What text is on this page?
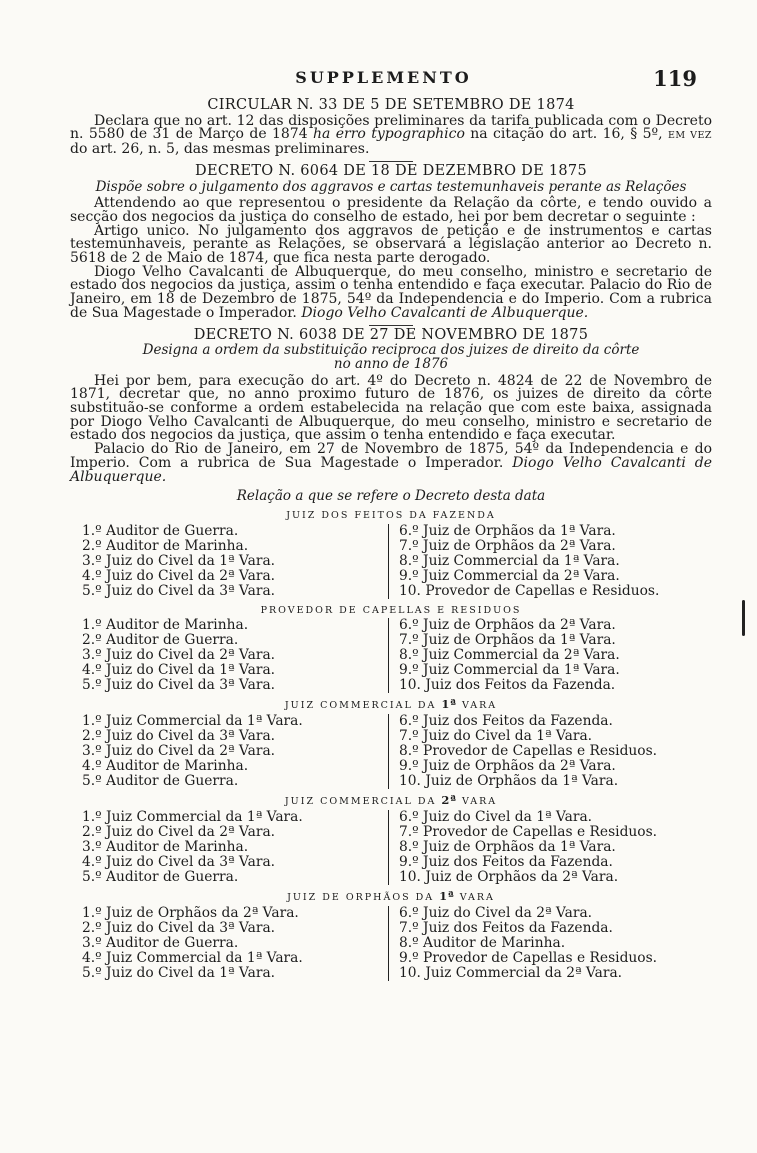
SUPPLEMENTO	119
CIRCULAR N. 33 DE 5 DE SETEMBRO DE 1874

Declara que no art. 12 das disposições preliminares da tarifa publicada com o Decreto n. 5580 de 31 de Março de 1874 ha erro typographico na citação do art. 16, § 5º, EM VEZ do art. 26, n. 5, das mesmas preliminares.

DECRETO N. 6064 DE 18 DE DEZEMBRO DE 1875
Dispõe sobre o julgamento dos aggravos e cartas testemunhaveis perante as Relações

Attendendo ao que representou o presidente da Relação da côrte, e tendo ouvido a secção dos negocios da justiça do conselho de estado, hei por bem decretar o seguinte :

Artigo unico. No julgamento dos aggravos de petição e de instrumentos e cartas testemunhaveis, perante as Relações, se observará a legislação anterior ao Decreto n. 5618 de 2 de Maio de 1874, que fica nesta parte derogado.

Diogo Velho Cavalcanti de Albuquerque, do meu conselho, ministro e secretario de estado dos negocios da justiça, assim o tenha entendido e faça executar. Palacio do Rio de Janeiro, em 18 de Dezembro de 1875, 54º da Independencia e do Imperio. Com a rubrica de Sua Magestade o Imperador. Diogo Velho Cavalcanti de Albuquerque.

DECRETO N. 6038 DE 27 DE NOVEMBRO DE 1875
Designa a ordem da substituição reciproca dos juizes de direito da côrte
no anno de 1876

Hei por bem, para execução do art. 4º do Decreto n. 4824 de 22 de Novembro de 1871, decretar que, no anno proximo futuro de 1876, os juizes de direito da côrte substituão-se conforme a ordem estabelecida na relação que com este baixa, assignada por Diogo Velho Cavalcanti de Albuquerque, do meu conselho, ministro e secretario de estado dos negocios da justiça, que assim o tenha entendido e faça executar.

Palacio do Rio de Janeiro, em 27 de Novembro de 1875, 54º da Independencia e do Imperio. Com a rubrica de Sua Magestade o Imperador. Diogo Velho Cavalcanti de Albuquerque.

Relação a que se refere o Decreto desta data
JUIZ DOS FEITOS DA FAZENDA
1.º Auditor de Guerra.
2.º Auditor de Marinha.
3.º Juiz do Civel da 1ª Vara.
4.º Juiz do Civel da 2ª Vara.
5.º Juiz do Civel da 3ª Vara.
6.º Juiz de Orphãos da 1ª Vara.
7.º Juiz de Orphãos da 2ª Vara.
8.º Juiz Commercial da 1ª Vara.
9.º Juiz Commercial da 2ª Vara.
10. Provedor de Capellas e Residuos.
PROVEDOR DE CAPELLAS E RESIDUOS
1.º Auditor de Marinha.
2.º Auditor de Guerra.
3.º Juiz do Civel da 2ª Vara.
4.º Juiz do Civel da 1ª Vara.
5.º Juiz do Civel da 3ª Vara.
6.º Juiz de Orphãos da 2ª Vara.
7.º Juiz de Orphãos da 1ª Vara.
8.º Juiz Commercial da 2ª Vara.
9.º Juiz Commercial da 1ª Vara.
10. Juiz dos Feitos da Fazenda.
JUIZ COMMERCIAL DA 1ª VARA
1.º Juiz Commercial da 1ª Vara.
2.º Juiz do Civel da 3ª Vara.
3.º Juiz do Civel da 2ª Vara.
4.º Auditor de Marinha.
5.º Auditor de Guerra.
6.º Juiz dos Feitos da Fazenda.
7.º Juiz do Civel da 1ª Vara.
8.º Provedor de Capellas e Residuos.
9.º Juiz de Orphãos da 2ª Vara.
10. Juiz de Orphãos da 1ª Vara.
JUIZ COMMERCIAL DA 2ª VARA
1.º Juiz Commercial da 1ª Vara.
2.º Juiz do Civel da 2ª Vara.
3.º Auditor de Marinha.
4.º Juiz do Civel da 3ª Vara.
5.º Auditor de Guerra.
6.º Juiz do Civel da 1ª Vara.
7.º Provedor de Capellas e Residuos.
8.º Juiz de Orphãos da 1ª Vara.
9.º Juiz dos Feitos da Fazenda.
10. Juiz de Orphãos da 2ª Vara.
JUIZ DE ORPHÃOS DA 1ª VARA
1.º Juiz de Orphãos da 2ª Vara.
2.º Juiz do Civel da 3ª Vara.
3.º Auditor de Guerra.
4.º Juiz Commercial da 1ª Vara.
5.º Juiz do Civel da 1ª Vara.
6.º Juiz do Civel da 2ª Vara.
7.º Juiz dos Feitos da Fazenda.
8.º Auditor de Marinha.
9.º Provedor de Capellas e Residuos.
10. Juiz Commercial da 2ª Vara.
